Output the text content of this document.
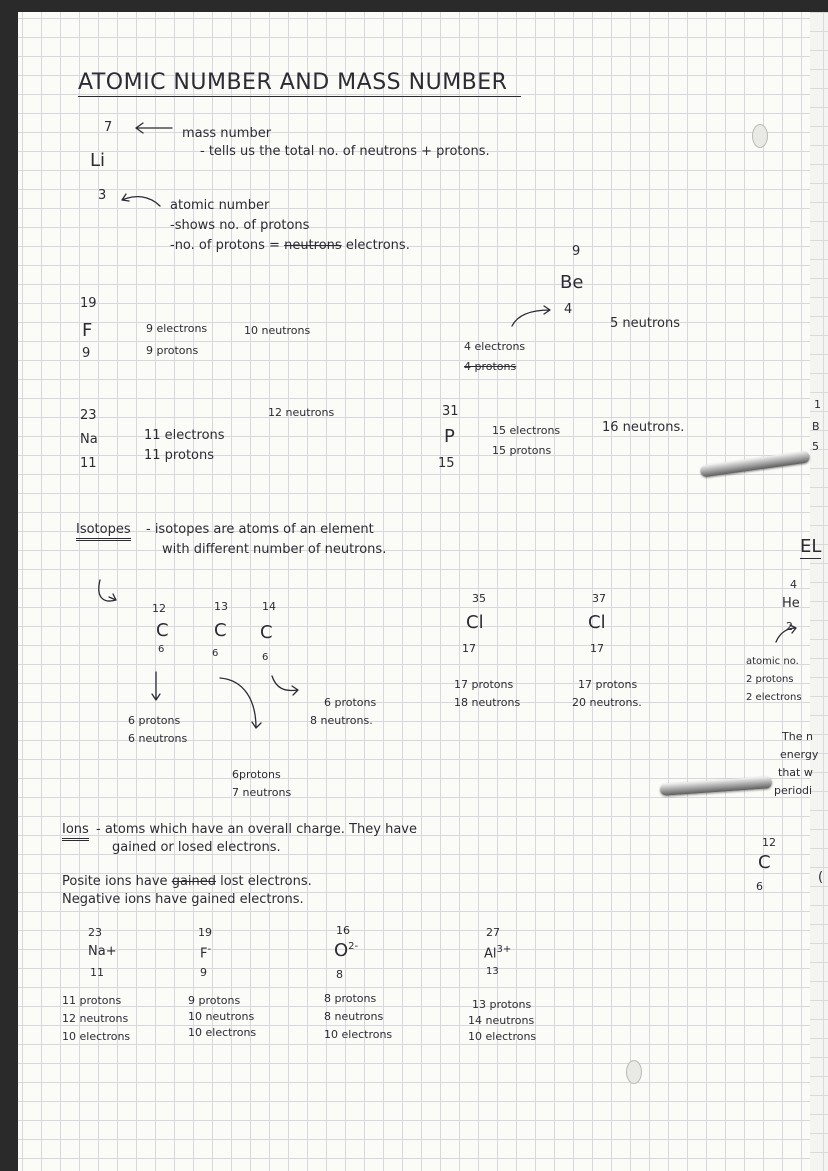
ATOMIC NUMBER AND MASS NUMBER
7
Li
3
mass number
- tells us the total no. of neutrons + protons.
atomic number
-shows no. of protons
-no. of protons = neutrons electrons.
19
F
9
9 electrons
9 protons
10 neutrons
9
Be
4
4 electrons
4 protons
5 neutrons
23
Na
11
11 electrons
11 protons
12 neutrons	31
P
15
15 electrons
15 protons
16 neutrons.
Isotopes - isotopes are atoms of an element
with different number of neutrons.
12
C
6
13
C
6
14
C
6
6 protons
6 neutrons
6protons
7 neutrons
6 protons
8 neutrons.
35
Cl
17
17 protons
18 neutrons
37
Cl
17
17 protons
20 neutrons.
Ions - atoms which have an overall charge. They have
gained or losed electrons.
Posite ions have gained lost electrons.
Negative ions have gained electrons.
23
Na+
11
11 protons
12 neutrons
10 electrons
19
F-
9
9 protons
10 neutrons
10 electrons
16
$O^{2-}$
8
8 protons
8 neutrons
10 electrons
27
$Al^{3+}$
13
13 protons
14 neutrons
10 electrons
1
B
5
EL
4
He
2
atomic no.
2 protons
2 electrons
The n
energy
that w
periodi
12
C
6
(
